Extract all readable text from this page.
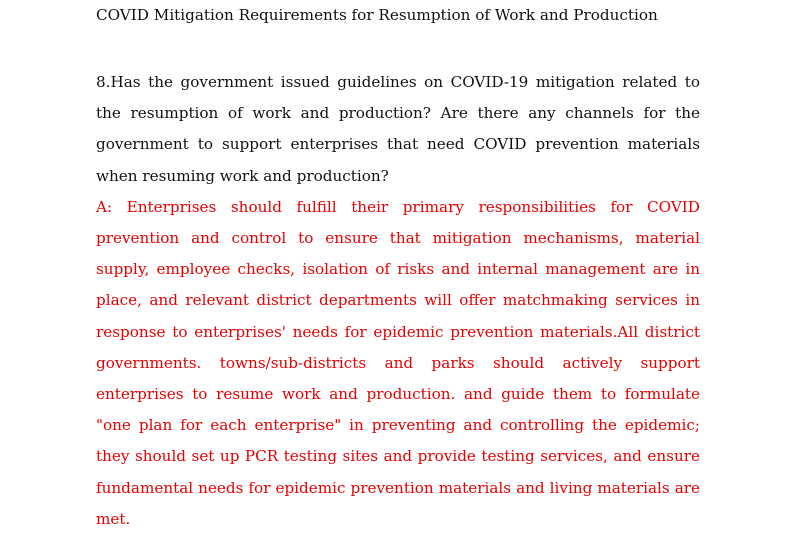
COVID Mitigation Requirements for Resumption of Work and Production

8.Has the government issued guidelines on COVID-19 mitigation related to the resumption of work and production? Are there any channels for the government to support enterprises that need COVID prevention materials when resuming work and production?

A: Enterprises should fulfill their primary responsibilities for COVID prevention and control to ensure that mitigation mechanisms, material supply, employee checks, isolation of risks and internal management are in place, and relevant district departments will offer matchmaking services in response to enterprises' needs for epidemic prevention materials.All district governments. towns/sub-districts and parks should actively support enterprises to resume work and production. and guide them to formulate "one plan for each enterprise" in preventing and controlling the epidemic; they should set up PCR testing sites and provide testing services, and ensure fundamental needs for epidemic prevention materials and living materials are met.
